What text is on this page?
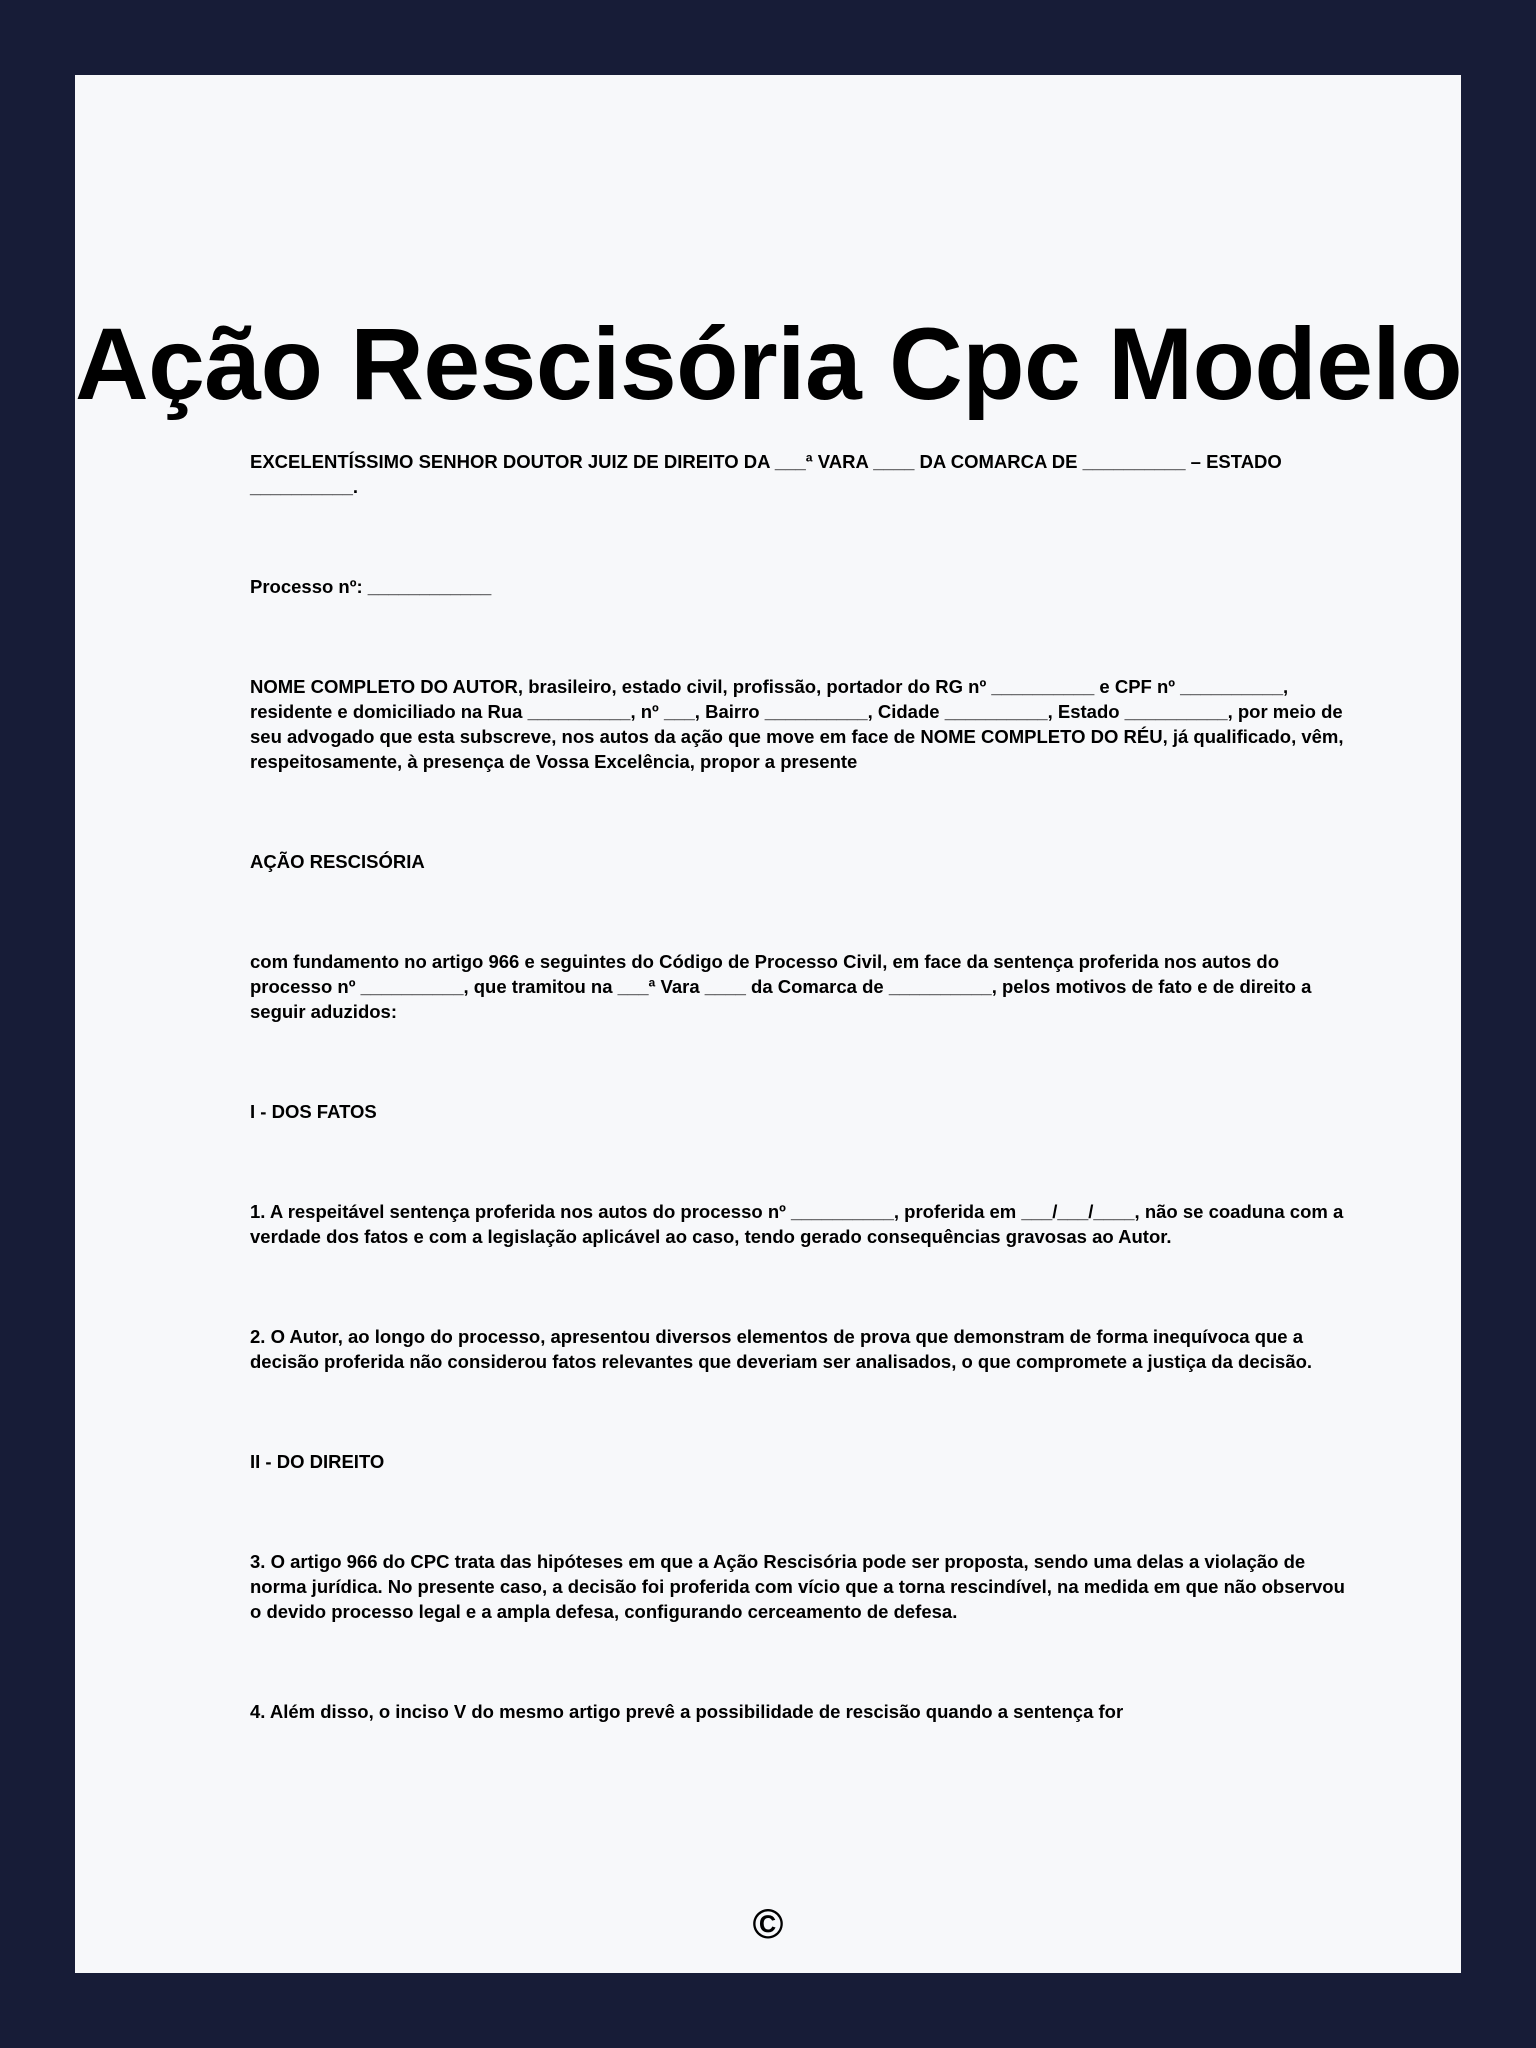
Ação Rescisória Cpc Modelo

EXCELENTÍSSIMO SENHOR DOUTOR JUIZ DE DIREITO DA ___ª VARA ____ DA COMARCA DE __________ – ESTADO __________.

Processo nº: ____________

NOME COMPLETO DO AUTOR, brasileiro, estado civil, profissão, portador do RG nº __________ e CPF nº __________, residente e domiciliado na Rua __________, nº ___, Bairro __________, Cidade __________, Estado __________, por meio de seu advogado que esta subscreve, nos autos da ação que move em face de NOME COMPLETO DO RÉU, já qualificado, vêm, respeitosamente, à presença de Vossa Excelência, propor a presente

AÇÃO RESCISÓRIA

com fundamento no artigo 966 e seguintes do Código de Processo Civil, em face da sentença proferida nos autos do processo nº __________, que tramitou na ___ª Vara ____ da Comarca de __________, pelos motivos de fato e de direito a seguir aduzidos:

I - DOS FATOS

1. A respeitável sentença proferida nos autos do processo nº __________, proferida em ___/___/____, não se coaduna com a verdade dos fatos e com a legislação aplicável ao caso, tendo gerado consequências gravosas ao Autor.

2. O Autor, ao longo do processo, apresentou diversos elementos de prova que demonstram de forma inequívoca que a decisão proferida não considerou fatos relevantes que deveriam ser analisados, o que compromete a justiça da decisão.

II - DO DIREITO

3. O artigo 966 do CPC trata das hipóteses em que a Ação Rescisória pode ser proposta, sendo uma delas a violação de norma jurídica. No presente caso, a decisão foi proferida com vício que a torna rescindível, na medida em que não observou o devido processo legal e a ampla defesa, configurando cerceamento de defesa.

4. Além disso, o inciso V do mesmo artigo prevê a possibilidade de rescisão quando a sentença for

©
